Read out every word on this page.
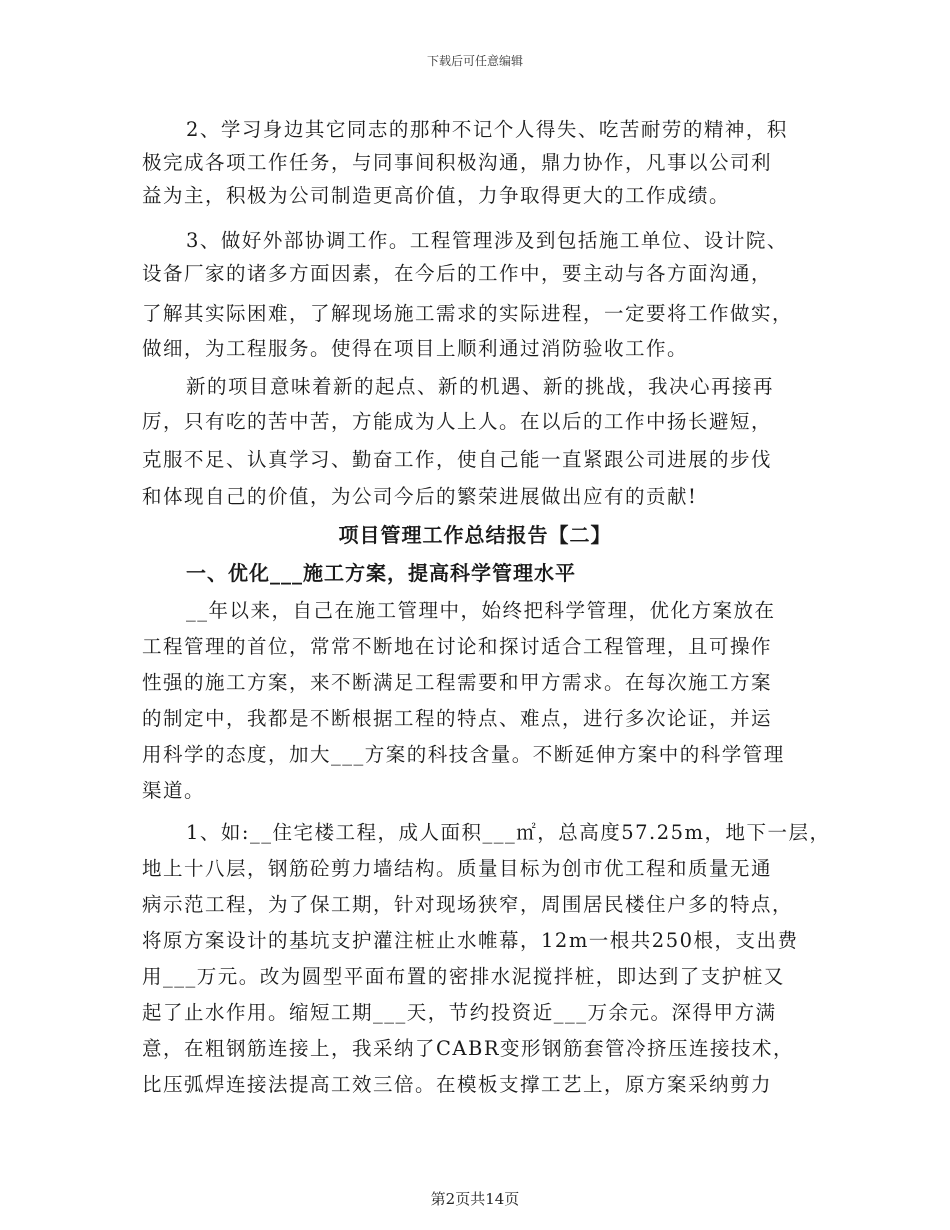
下载后可任意编辑
2、学习身边其它同志的那种不记个人得失、吃苦耐劳的精神，积
极完成各项工作任务，与同事间积极沟通，鼎力协作，凡事以公司利
益为主，积极为公司制造更高价值，力争取得更大的工作成绩。
3、做好外部协调工作。工程管理涉及到包括施工单位、设计院、
设备厂家的诸多方面因素，在今后的工作中，要主动与各方面沟通，
了解其实际困难，了解现场施工需求的实际进程，一定要将工作做实，
做细，为工程服务。使得在项目上顺利通过消防验收工作。
新的项目意味着新的起点、新的机遇、新的挑战，我决心再接再
厉，只有吃的苦中苦，方能成为人上人。在以后的工作中扬长避短，
克服不足、认真学习、勤奋工作，使自己能一直紧跟公司进展的步伐
和体现自己的价值，为公司今后的繁荣进展做出应有的贡献!
项目管理工作总结报告【二】
一、优化___施工方案，提高科学管理水平
__年以来，自己在施工管理中，始终把科学管理，优化方案放在
工程管理的首位，常常不断地在讨论和探讨适合工程管理，且可操作
性强的施工方案，来不断满足工程需要和甲方需求。在每次施工方案
的制定中，我都是不断根据工程的特点、难点，进行多次论证，并运
用科学的态度，加大___方案的科技含量。不断延伸方案中的科学管理
渠道。
1、如:__住宅楼工程，成人面积___㎡，总高度57.25m，地下一层，
地上十八层，钢筋砼剪力墙结构。质量目标为创市优工程和质量无通
病示范工程，为了保工期，针对现场狭窄，周围居民楼住户多的特点，
将原方案设计的基坑支护灌注桩止水帷幕，12m一根共250根，支出费
用___万元。改为圆型平面布置的密排水泥搅拌桩，即达到了支护桩又
起了止水作用。缩短工期___天，节约投资近___万余元。深得甲方满
意，在粗钢筋连接上，我采纳了CABR变形钢筋套管冷挤压连接技术，
比压弧焊连接法提高工效三倍。在模板支撑工艺上，原方案采纳剪力
第2页共14页
